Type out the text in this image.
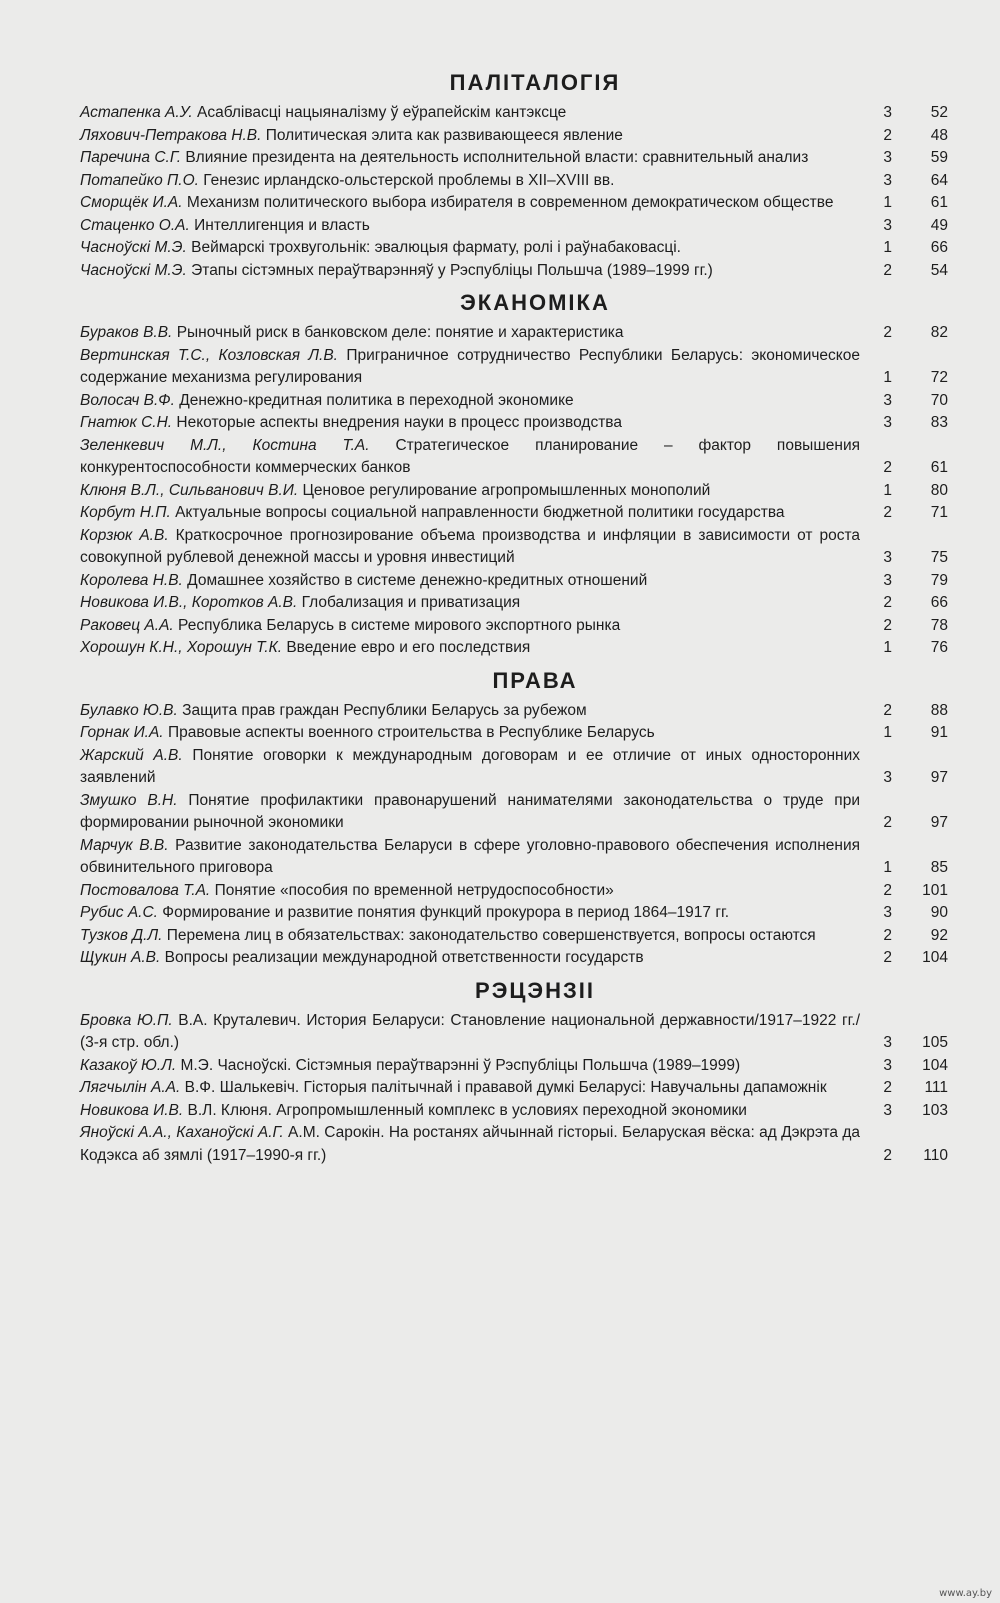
ПАЛІТАЛОГІЯ
Астапенка А.У. Асаблівасці нацыяналізму ў еўрапейскім кантэксце	3	52
Ляхович-Петракова Н.В. Политическая элита как развивающееся явление	2	48
Паречина С.Г. Влияние президента на деятельность исполнительной власти: сравнительный анализ	3	59
Потапейко П.О. Генезис ирландско-ольстерской проблемы в XII–XVIII вв.	3	64
Сморщёк И.А. Механизм политического выбора избирателя в современном демократическом обществе	1	61
Стаценко О.А. Интеллигенция и власть	3	49
Часноўскі М.Э. Веймарскі трохвугольнік: эвалюцыя фармату, ролі і раўнабаковасці.	1	66
Часноўскі М.Э. Этапы сістэмных пераўтварэнняў у Рэспубліцы Польшча (1989–1999 гг.)	2	54
ЭКАНОМІКА
Бураков В.В. Рыночный риск в банковском деле: понятие и характеристика	2	82
Вертинская Т.С., Козловская Л.В. Приграничное сотрудничество Республики Беларусь: экономическое содержание механизма регулирования	1	72
Волосач В.Ф. Денежно-кредитная политика в переходной экономике	3	70
Гнатюк С.Н. Некоторые аспекты внедрения науки в процесс производства	3	83
Зеленкевич М.Л., Костина Т.А. Стратегическое планирование – фактор повышения конкурентоспособности коммерческих банков	2	61
Клюня В.Л., Сильванович В.И. Ценовое регулирование агропромышленных монополий	1	80
Корбут Н.П. Актуальные вопросы социальной направленности бюджетной политики государства	2	71
Корзюк А.В. Краткосрочное прогнозирование объема производства и инфляции в зависимости от роста совокупной рублевой денежной массы и уровня инвестиций	3	75
Королева Н.В. Домашнее хозяйство в системе денежно-кредитных отношений	3	79
Новикова И.В., Коротков А.В. Глобализация и приватизация	2	66
Раковец А.А. Республика Беларусь в системе мирового экспортного рынка	2	78
Хорошун К.Н., Хорошун Т.К. Введение евро и его последствия	1	76
ПРАВА
Булавко Ю.В. Защита прав граждан Республики Беларусь за рубежом	2	88
Горнак И.А. Правовые аспекты военного строительства в Республике Беларусь	1	91
Жарский А.В. Понятие оговорки к международным договорам и ее отличие от иных односторонних заявлений	3	97
Змушко В.Н. Понятие профилактики правонарушений нанимателями законодательства о труде при формировании рыночной экономики	2	97
Марчук В.В. Развитие законодательства Беларуси в сфере уголовно-правового обеспечения исполнения обвинительного приговора	1	85
Постовалова Т.А. Понятие «пособия по временной нетрудоспособности»	2	101
Рубис А.С. Формирование и развитие понятия функций прокурора в период 1864–1917 гг.	3	90
Тузков Д.Л. Перемена лиц в обязательствах: законодательство совершенствуется, вопросы остаются	2	92
Щукин А.В. Вопросы реализации международной ответственности государств	2	104
РЭЦЭНЗІІ
Бровка Ю.П. В.А. Круталевич. История Беларуси: Становление национальной державности/1917–1922 гг./ (3-я стр. обл.)	3	105
Казакоў Ю.Л. М.Э. Часноўскі. Сістэмныя пераўтварэнні ў Рэспубліцы Польшча (1989–1999)	3	104
Лягчылін А.А. В.Ф. Шалькевіч. Гісторыя палітычнай і прававой думкі Беларусі: Навучальны дапаможнік	2	111
Новикова И.В. В.Л. Клюня. Агропромышленный комплекс в условиях переходной экономики	3	103
Яноўскі А.А., Каханоўскі А.Г. А.М. Сарокін. На ростанях айчыннай гісторыі. Беларуская вёска: ад Дэкрэта да Кодэкса аб зямлі (1917–1990-я гг.)	2	110
www.ay.by
